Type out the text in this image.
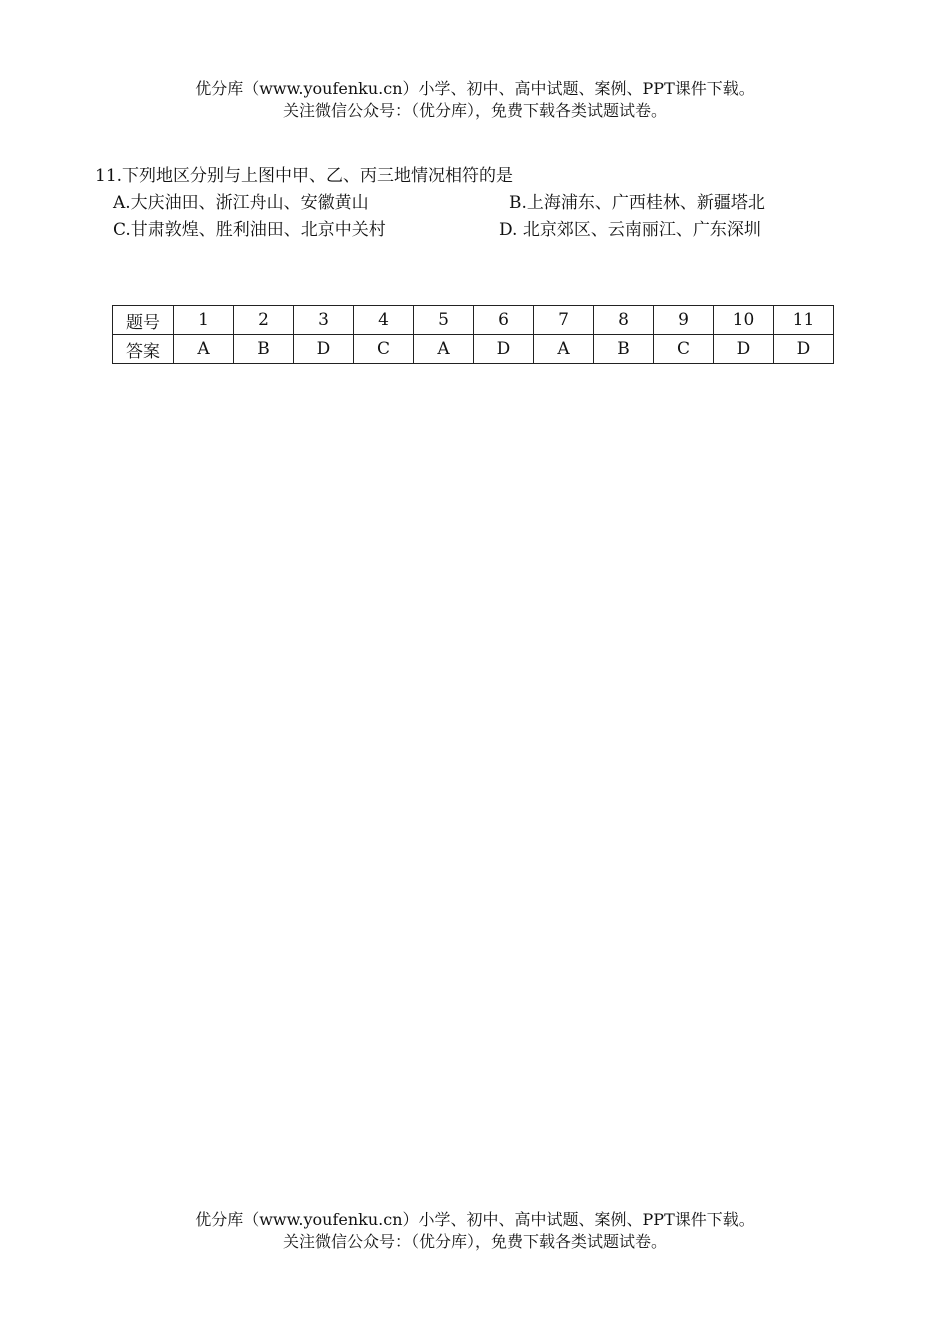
优分库（www.youfenku.cn）小学、初中、高中试题、案例、PPT课件下载。
关注微信公众号：（优分库），免费下载各类试题试卷。
11.下列地区分别与上图中甲、乙、丙三地情况相符的是
A.大庆油田、浙江舟山、安徽黄山	B.上海浦东、广西桂林、新疆塔北
C.甘肃敦煌、胜利油田、北京中关村	D. 北京郊区、云南丽江、广东深圳
题号	1	2	3	4	5	6	7	8	9	10	11
答案	A	B	D	C	A	D	A	B	C	D	D
优分库（www.youfenku.cn）小学、初中、高中试题、案例、PPT课件下载。
关注微信公众号：（优分库），免费下载各类试题试卷。
